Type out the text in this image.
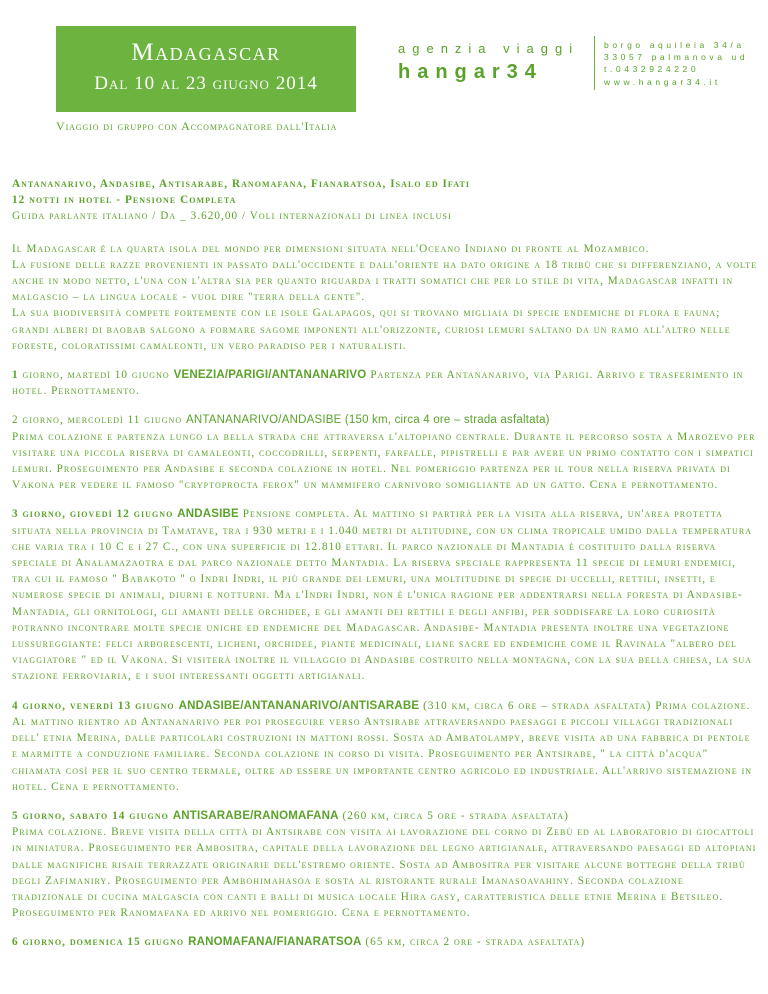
Madagascar
Dal 10 al 23 giugno 2014
agenzia viaggi
hangar34
borgo aquileia 34/a
33057 palmanova ud
t.0432924220
www.hangar34.it
Viaggio di gruppo con Accompagnatore dall'Italia

Antananarivo, Andasibe, Antisarabe, Ranomafana, Fianaratsoa, Isalo ed Ifati

12 notti in hotel - Pensione Completa

Guida parlante italiano / Da _ 3.620,00 / Voli internazionali di linea inclusi

Il Madagascar è la quarta isola del mondo per dimensioni situata nell'Oceano Indiano di fronte al Mozambico.

La fusione delle razze provenienti in passato dall'occidente e dall'oriente ha dato origine a 18 tribù che si differenziano, a volte anche in modo netto, l'una con l'altra sia per quanto riguarda i tratti somatici che per lo stile di vita, Madagascar infatti in malgascio – la lingua locale - vuol dire "terra della gente".

La sua biodiversità compete fortemente con le isole Galapagos, qui si trovano migliaia di specie endemiche di flora e fauna; grandi alberi di baobab salgono a formare sagome imponenti all'orizzonte, curiosi lemuri saltano da un ramo all'altro nelle foreste, coloratissimi camaleonti, un vero paradiso per i naturalisti.

1 giorno, martedì 10 giugno VENEZIA/PARIGI/ANTANANARIVO Partenza per Antananarivo, via Parigi. Arrivo e trasferimento in hotel. Pernottamento.

2 giorno, mercoledì 11 giugno ANTANANARIVO/ANDASIBE (150 km, circa 4 ore – strada asfaltata)
Prima colazione e partenza lungo la bella strada che attraversa l'altopiano centrale. Durante il percorso sosta a Marozevo per visitare una piccola riserva di camaleonti, coccodrilli, serpenti, farfalle, pipistrelli e par avere un primo contatto con i simpatici lemuri. Proseguimento per Andasibe e seconda colazione in hotel. Nel pomeriggio partenza per il tour nella riserva privata di Vakona per vedere il famoso "cryptoprocta ferox" un mammifero carnivoro somigliante ad un gatto. Cena e pernottamento.

3 giorno, giovedì 12 giugno ANDASIBE Pensione completa. Al mattino si partirà per la visita alla riserva, un'area protetta situata nella provincia di Tamatave, tra i 930 metri e i 1.040 metri di altitudine, con un clima tropicale umido dalla temperatura che varia tra i 10 C e i 27 C., con una superficie di 12.810 ettari. Il parco nazionale di Mantadia è costituito dalla riserva speciale di Analamazaotra e dal parco nazionale detto Mantadia. La riserva speciale rappresenta 11 specie di lemuri endemici, tra cui il famoso " Babakoto " o Indri Indri, il più grande dei lemuri, una moltitudine di specie di uccelli, rettili, insetti, e numerose specie di animali, diurni e notturni. Ma l'Indri Indri, non è l'unica ragione per addentrarsi nella foresta di Andasibe-Mantadia, gli ornitologi, gli amanti delle orchidee, e gli amanti dei rettili e degli anfibi, per soddisfare la loro curiosità potranno incontrare molte specie uniche ed endemiche del Madagascar. Andasibe- Mantadia presenta inoltre una vegetazione lussureggiante: felci arborescenti, licheni, orchidee, piante medicinali, liane sacre ed endemiche come il Ravinala "albero del viaggiatore " ed il Vakona. Si visiterà inoltre il villaggio di Andasibe costruito nella montagna, con la sua bella chiesa, la sua stazione ferroviaria, e i suoi interessanti oggetti artigianali.

4 giorno, venerdì 13 giugno ANDASIBE/ANTANANARIVO/ANTISARABE (310 km, circa 6 ore – strada asfaltata) Prima colazione. Al mattino rientro ad Antananarivo per poi proseguire verso Antsirabe attraversando paesaggi e piccoli villaggi tradizionali dell' etnia Merina, dalle particolari costruzioni in mattoni rossi. Sosta ad Ambatolampy, breve visita ad una fabbrica di pentole e marmitte a conduzione familiare. Seconda colazione in corso di visita. Proseguimento per Antsirabe, " la città d'acqua" chiamata così per il suo centro termale, oltre ad essere un importante centro agricolo ed industriale. All'arrivo sistemazione in hotel. Cena e pernottamento.

5 giorno, sabato 14 giugno ANTISARABE/RANOMAFANA (260 km, circa 5 ore - strada asfaltata)
Prima colazione. Breve visita della città di Antsirabe con visita ai lavorazione del corno di Zebù ed al laboratorio di giocattoli in miniatura. Proseguimento per Ambositra, capitale della lavorazione del legno artigianale, attraversando paesaggi ed altopiani dalle magnifiche risaie terrazzate originarie dell'estremo oriente. Sosta ad Ambositra per visitare alcune botteghe della tribù degli Zafimaniry. Proseguimento per Ambohimahasoa e sosta al ristorante rurale Imanasoavahiny. Seconda colazione tradizionale di cucina malgascia con canti e balli di musica locale Hira gasy, caratteristica delle etnie Merina e Betsileo. Proseguimento per Ranomafana ed arrivo nel pomeriggio. Cena e pernottamento.

6 giorno, domenica 15 giugno RANOMAFANA/FIANARATSOA (65 km, circa 2 ore - strada asfaltata)
